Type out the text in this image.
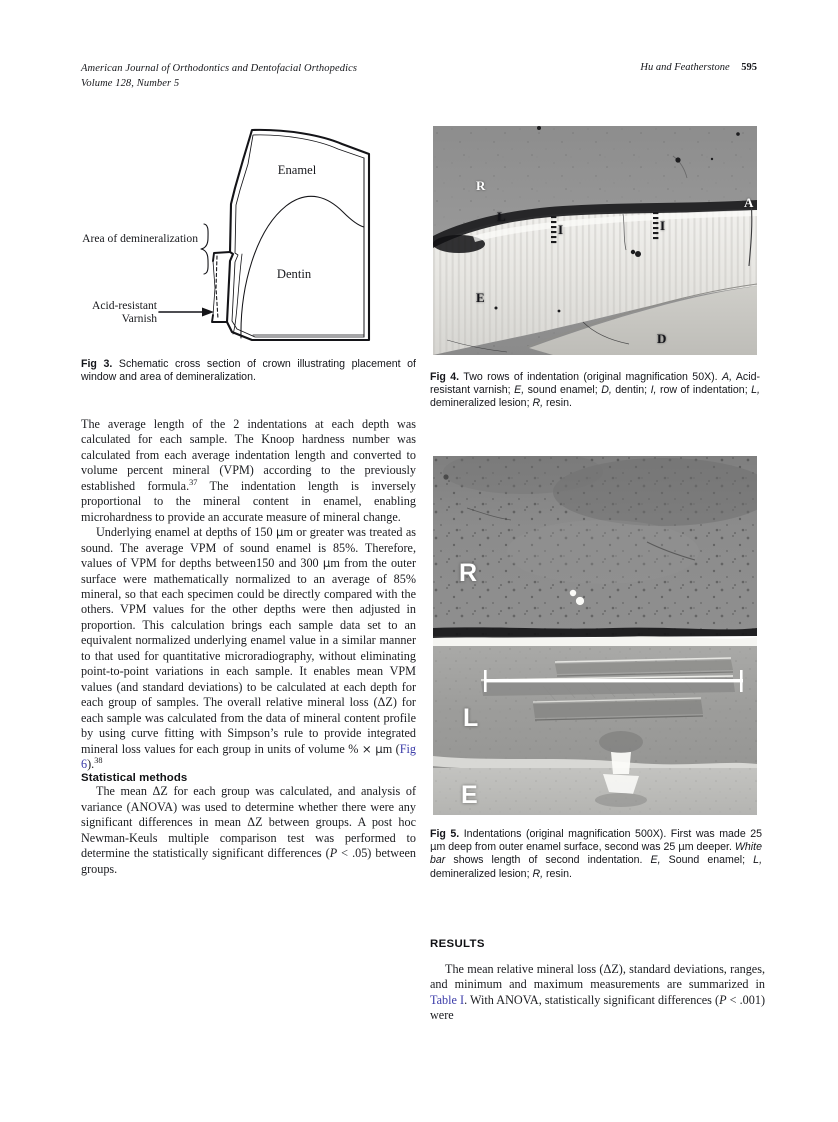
American Journal of Orthodontics and Dentofacial Orthopedics
Volume 128, Number 5
Hu and Featherstone 595
Enamel
Dentin
Area of demineralization
Acid-resistant
Varnish

Fig 3. Schematic cross section of crown illustrating placement of window and area of demineralization.

The average length of the 2 indentations at each depth was calculated for each sample. The Knoop hardness number was calculated from each average indentation length and converted to volume percent mineral (VPM) according to the previously established formula.$^{37}$ The indentation length is inversely proportional to the mineral content in enamel, enabling microhardness to provide an accurate measure of mineral change.

Underlying enamel at depths of 150 μm or greater was treated as sound. The average VPM of sound enamel is 85%. Therefore, values of VPM for depths between150 and 300 μm from the outer surface were mathematically normalized to an average of 85% mineral, so that each specimen could be directly compared with the others. VPM values for the other depths were then adjusted in proportion. This calculation brings each sample data set to an equivalent normalized underlying enamel value in a similar manner to that used for quantitative microradiography, without eliminating point-to-point variations in each sample. It enables mean VPM values (and standard deviations) to be calculated at each depth for each group of samples. The overall relative mineral loss (ΔZ) for each sample was calculated from the data of mineral content profile by using curve fitting with Simpson’s rule to provide integrated mineral loss values for each group in units of volume % × μm (Fig 6).$^{38}$

Statistical methods

The mean ΔZ for each group was calculated, and analysis of variance (ANOVA) was used to determine whether there were any significant differences in mean ΔZ between groups. A post hoc Newman-Keuls multiple comparison test was performed to determine the statistically significant differences (P < .05) between groups.

R
A
L
I	I
E
D

Fig 4. Two rows of indentation (original magnification 50X). A, Acid-resistant varnish; E, sound enamel; D, dentin; I, row of indentation; L, demineralized lesion; R, resin.

R
L
E

Fig 5. Indentations (original magnification 500X). First was made 25 μm deep from outer enamel surface, second was 25 μm deeper. White bar shows length of second indentation. E, Sound enamel; L, demineralized lesion; R, resin.

RESULTS

The mean relative mineral loss (ΔZ), standard deviations, ranges, and minimum and maximum measurements are summarized in Table I. With ANOVA, statistically significant differences (P < .001) were
